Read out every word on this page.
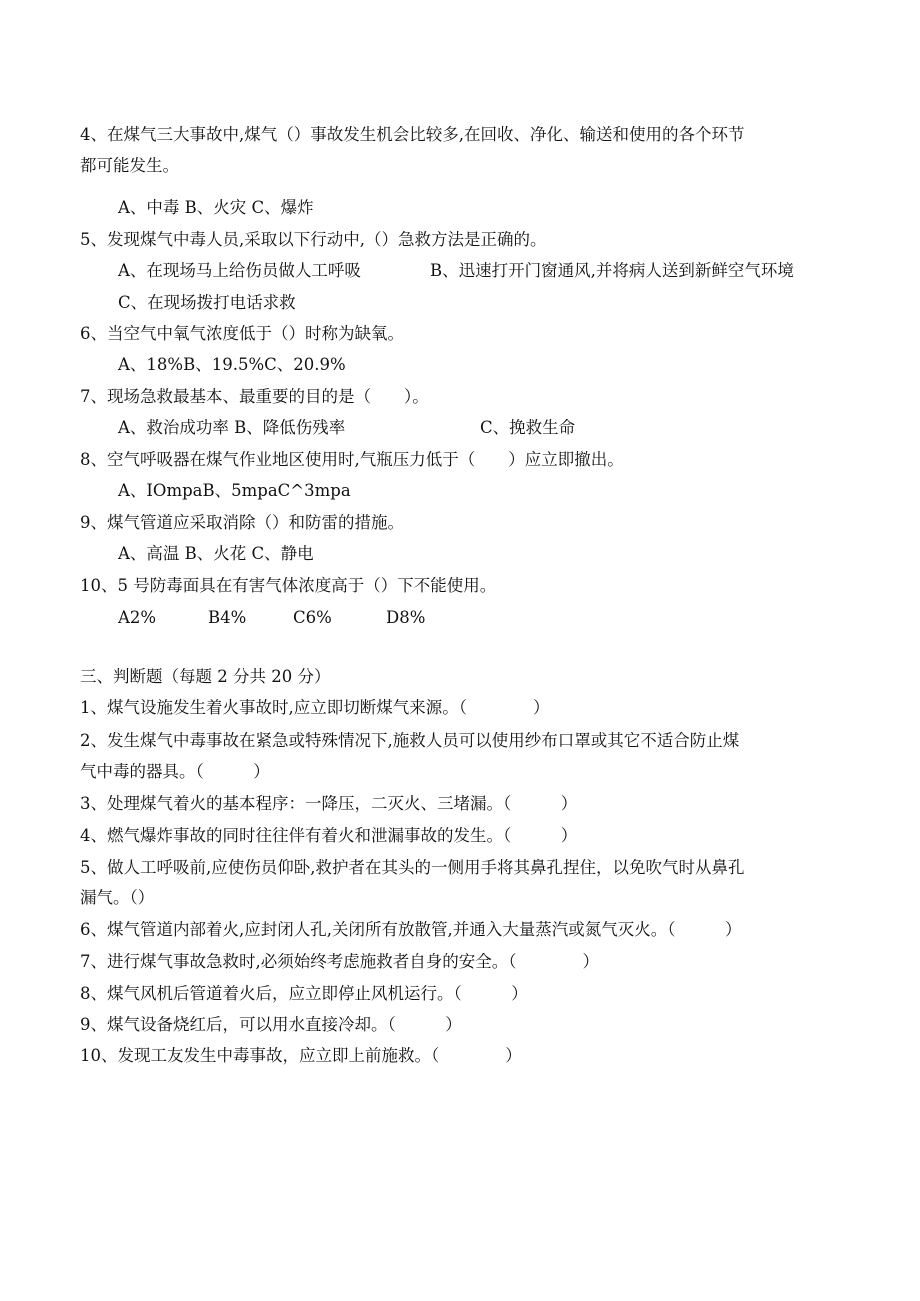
4、在煤气三大事故中,煤气（）事故发生机会比较多,在回收、净化、输送和使用的各个环节
都可能发生。
A、中毒 B、火灾 C、爆炸
5、发现煤气中毒人员,采取以下行动中,（）急救方法是正确的。
A、在现场马上给伤员做人工呼吸	B、迅速打开门窗通风,并将病人送到新鲜空气环境
C、在现场拨打电话求救
6、当空气中氧气浓度低于（）时称为缺氧。
A、18%B、19.5%C、20.9%
7、现场急救最基本、最重要的目的是（　　）。
A、救治成功率 B、降低伤残率	C、挽救生命
8、空气呼吸器在煤气作业地区使用时,气瓶压力低于（　　）应立即撤出。
A、IOmpaB、5mpaC^3mpa
9、煤气管道应采取消除（）和防雷的措施。
A、高温 B、火花 C、静电
10、5 号防毒面具在有害气体浓度高于（）下不能使用。
A2%	B4%	C6%	D8%
三、判断题（每题 2 分共 20 分）
1、煤气设施发生着火事故时,应立即切断煤气来源。（　　　　）
2、发生煤气中毒事故在紧急或特殊情况下,施救人员可以使用纱布口罩或其它不适合防止煤
气中毒的器具。（　　　）
3、处理煤气着火的基本程序：一降压，二灭火、三堵漏。（　　　）
4、燃气爆炸事故的同时往往伴有着火和泄漏事故的发生。（　　　）
5、做人工呼吸前,应使伤员仰卧,救护者在其头的一侧用手将其鼻孔捏住，以免吹气时从鼻孔
漏气。（）
6、煤气管道内部着火,应封闭人孔,关闭所有放散管,并通入大量蒸汽或氮气灭火。（　　　）
7、进行煤气事故急救时,必须始终考虑施救者自身的安全。（　　　　）
8、煤气风机后管道着火后，应立即停止风机运行。（　　　）
9、煤气设备烧红后，可以用水直接冷却。（　　　）
10、发现工友发生中毒事故，应立即上前施救。（　　　　）
